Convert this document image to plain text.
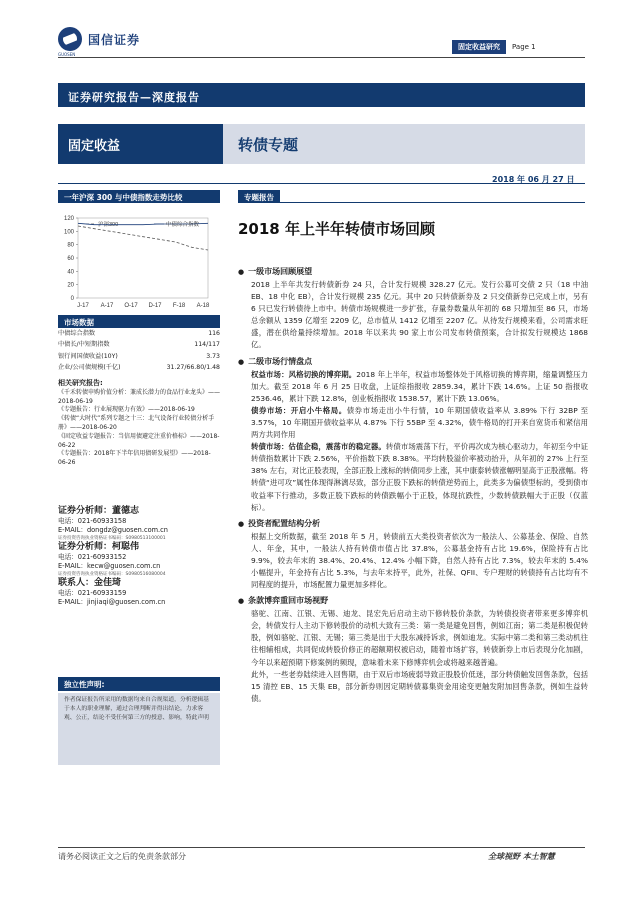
国信证券
GUOSEN
固定收益研究	Page 1
证券研究报告—深度报告
固定收益	转债专题
2018 年 06 月 27 日
一年沪深 300 与中债指数走势比较
0
20
40
60
80
100
120
J-17 A-17 O-17 D-17 F-18 A-18
沪深300	中债综合指数
市场数据
中债综合指数	116
中债长/中短期指数	114/117
银行间国债收益(10Y)	3.73
企业/公司债规模(千亿)	31.27/66.80/1.48
相关研究报告:
《千禾转债申购价值分析：兼成长潜力的食品行业龙头》——2018-06-19
《专题报告：行业展现驱力有效》——2018-06-19
《转债“大时代”系列专题之十三：北气设备行业转债分析手册》——2018-06-20
《固定收益专题报告：当信用债避定注重价格标》——2018-06-22
《专题报告：2018年下半年信用债研发展望》——2018-06-26
证券分析师：董德志
电话：021-60933158
E-MAIL：dongdz@guosen.com.cn
证券投资咨询执业资格证书编码：S0980513100001
证券分析师：柯聪伟
电话：021-60933152
E-MAIL：kecw@guosen.com.cn
证券投资咨询执业资格证书编码：S0980516080004
联系人：金佳琦
电话：021-60933159
E-MAIL：jinjiaqi@guosen.com.cn
独立性声明:
作者保证报告所采用的数据均来自合规渠道，分析逻辑基于本人的职业理解，通过合理判断并得出结论，力求客观、公正，结论不受任何第三方的授意、影响，特此声明
专题报告
2018 年上半年转债市场回顾
● 一级市场回顾展望
2018 上半年共发行转债新券 24 只，合计发行规模 328.27 亿元。发行公募可交债 2 只（18 中油 EB、18 中化 EB），合计发行规模 235 亿元。其中 20 只转债新券及 2 只交债新券已完成上市，另有 6 只已发行转债待上市中。转债市场规模进一步扩张，存量券数量从年初的 68 只增加至 86 只，市场总余额从 1359 亿增至 2209 亿，总市值从 1412 亿增至 2207 亿。从待发行规模来看，公司需求旺盛，潜在供给量持续增加。2018 年以来共 90 家上市公司发布转债预案，合计拟发行规模达 1868 亿。
● 二级市场行情盘点
权益市场：风格切换的博弈期。2018 年上半年，权益市场整体处于风格切换的博弈期，缩量调整压力加大。截至 2018 年 6 月 25 日收盘，上证综指报收 2859.34，累计下跌 14.6%。上证 50 指报收 2536.46，累计下跌 12.8%，创业板指报收 1538.57，累计下跌 13.06%。
债券市场：开启小牛格局。债券市场走出小牛行情，10 年期国债收益率从 3.89% 下行 32BP 至 3.57%，10 年期国开债收益率从 4.87% 下行 55BP 至 4.32%，债牛格局的打开来自宽货币和紧信用两方共同作用
转债市场：估值企稳，震荡市的稳定器。转债市场震荡下行，平价再次成为核心驱动力，年初至今中证转债指数累计下跌 2.56%，平价指数下跌 8.38%。平均转股溢价率被动抬升，从年初的 27% 上行至 38% 左右，对比正股表现，全部正股上涨标的转债同步上涨，其中康泰转债涨幅明显高于正股涨幅。将转债“进可攻”属性体现得淋漓尽致，部分正股下跌标的转债逆势而上，此类多为偏债型标的，受到债市收益率下行推动，多数正股下跌标的转债跌幅小于正股，体现抗跌性，少数转债跌幅大于正股（仅蓝标）。
● 投资者配置结构分析
根据上交所数据，截至 2018 年 5 月，转债前五大类投资者依次为一般法人、公募基金、保险、自然人、年金，其中，一般法人持有转债市值占比 37.8%，公募基金持有占比 19.6%，保险持有占比 9.9%，较去年末的 38.4%、20.4%、12.4% 小幅下降，自然人持有占比 7.3%，较去年末的 5.4% 小幅提升，年金持有占比 5.3%，与去年末持平，此外，社保、QFII、专户理财的转债持有占比均有不同程度的提升，市场配置力量更加多样化。
● 条款博弈重回市场视野
骆驼、江南、江银、无锡、迪龙、昆宏先后启动主动下修转股价条款，为转债投资者带来更多博弈机会，转债发行人主动下修转股价的动机大致有三类：第一类是避免回售，例如江南；第二类是积极促转股，例如骆驼、江银、无锡；第三类是出于大股东减持诉求，例如迪龙。实际中第二类和第三类动机往往相辅相成，共同促成转股价修正的超额期权被启动，随着市场扩容，转债新券上市后表现分化加剧，今年以来超预期下修案例的频现，意味着未来下修博弈机会或将越来越普遍。
此外，一些老券陆续进入回售期，由于双后市场疲弱导致正股股价低迷，部分转债触发回售条款，包括 15 清控 EB、15 天集 EB，部分新券则因定期转债募集资金用途变更触发附加回售条款，例如生益转债。
请务必阅读正文之后的免责条款部分	全球视野 本土智慧
